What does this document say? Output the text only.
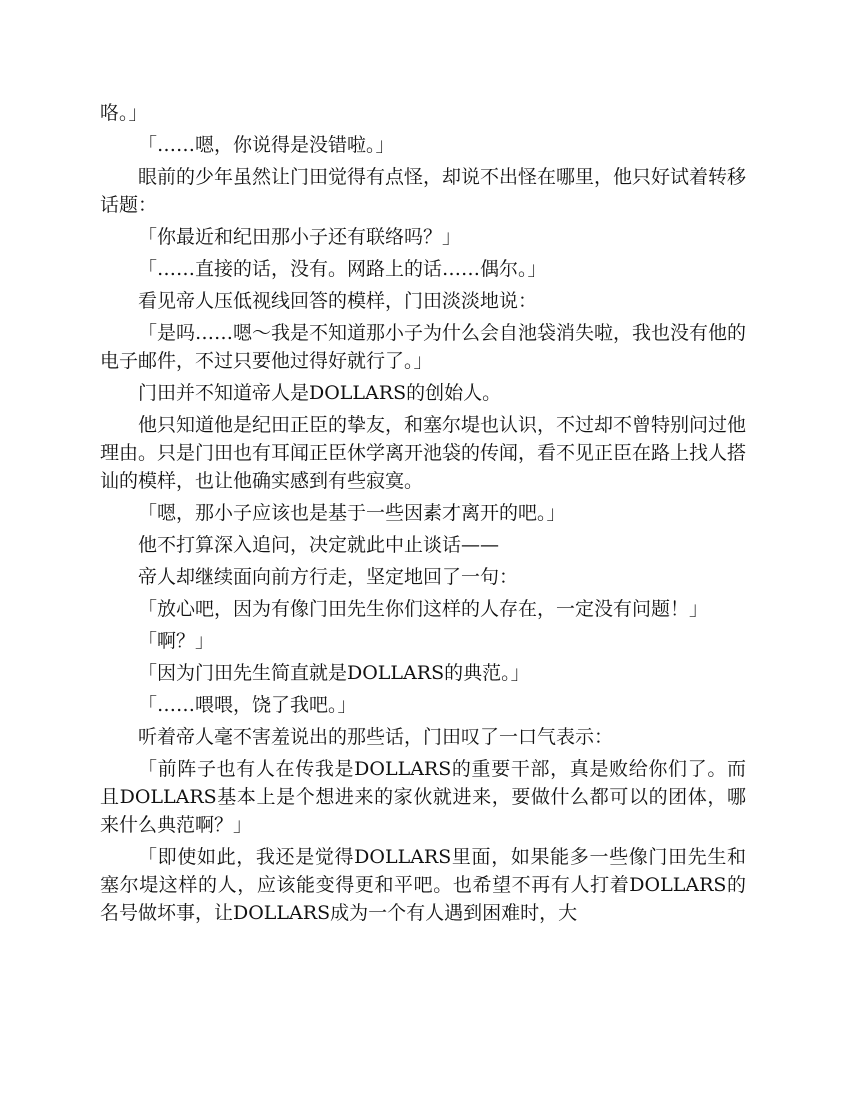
咯。」

「……嗯，你说得是没错啦。」

眼前的少年虽然让门田觉得有点怪，却说不出怪在哪里，他只好试着转移话题：

「你最近和纪田那小子还有联络吗？」

「……直接的话，没有。网路上的话……偶尔。」

看见帝人压低视线回答的模样，门田淡淡地说：

「是吗……嗯～我是不知道那小子为什么会自池袋消失啦，我也没有他的电子邮件，不过只要他过得好就行了。」

门田并不知道帝人是DOLLARS的创始人。

他只知道他是纪田正臣的挚友，和塞尔堤也认识，不过却不曾特别问过他理由。只是门田也有耳闻正臣休学离开池袋的传闻，看不见正臣在路上找人搭讪的模样，也让他确实感到有些寂寞。

「嗯，那小子应该也是基于一些因素才离开的吧。」

他不打算深入追问，决定就此中止谈话——

帝人却继续面向前方行走，坚定地回了一句：

「放心吧，因为有像门田先生你们这样的人存在，一定没有问题！」

「啊？」

「因为门田先生简直就是DOLLARS的典范。」

「……喂喂，饶了我吧。」

听着帝人毫不害羞说出的那些话，门田叹了一口气表示：

「前阵子也有人在传我是DOLLARS的重要干部，真是败给你们了。而且DOLLARS基本上是个想进来的家伙就进来，要做什么都可以的团体，哪来什么典范啊？」

「即使如此，我还是觉得DOLLARS里面，如果能多一些像门田先生和塞尔堤这样的人，应该能变得更和平吧。也希望不再有人打着DOLLARS的名号做坏事，让DOLLARS成为一个有人遇到困难时，大
